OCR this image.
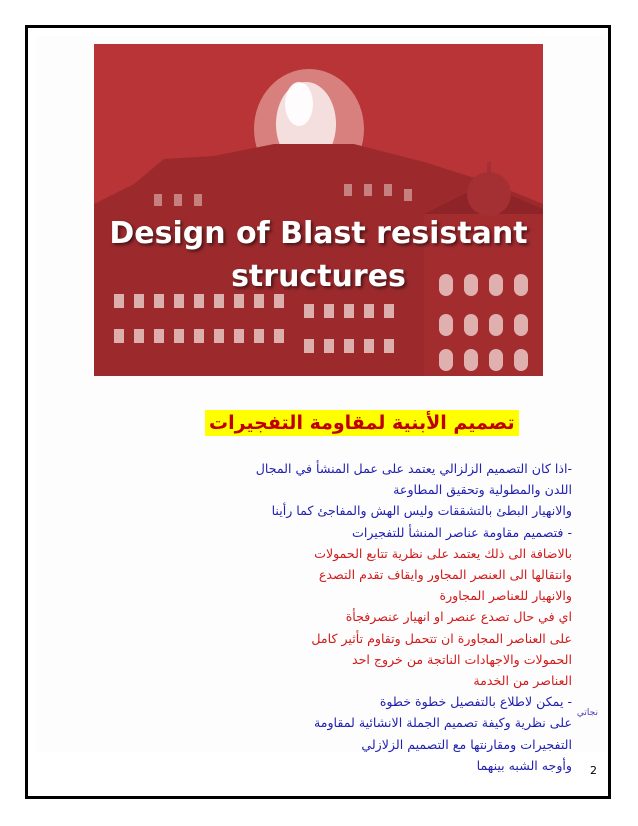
Design of Blast resistant
structures
تصميم الأبنية لمقاومة التفجيرات
-اذا كان التصميم الزلزالي يعتمد على عمل المنشأ في المجال
اللدن والمطولية وتحقيق المطاوعة
والانهيار البطئ بالتشققات وليس الهش والمفاجئ كما رأينا
- فتصميم مقاومة عناصر المنشأ للتفجيرات
بالاضافة الى ذلك يعتمد على نظرية تتابع الحمولات
وانتقالها الى العنصر المجاور وايقاف تقدم التصدع
والانهيار للعناصر المجاورة
اي في حال تصدع عنصر او انهيار عنصرفجأة
على العناصر المجاورة ان تتحمل وتقاوم تأثير كامل
الحمولات والاجهادات الناتجة من خروج احد
العناصر من الخدمة
- يمكن لاطلاع بالتفصيل خطوة خطوة
على نظرية وكيفة تصميم الجملة الانشائية لمقاومة
التفجيرات ومقارنتها مع التصميم الزلازلي
وأوجه الشبه بينهما
نجاتي
2
